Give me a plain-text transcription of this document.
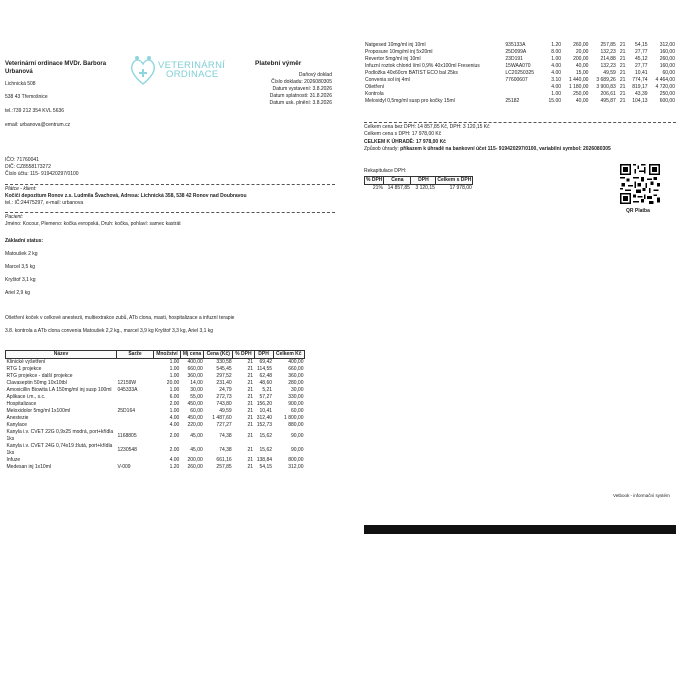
Veterinární ordinace MVDr. Barbora Urbanová
Lichnická 508
538 43 Třemošnice
tel.:739 212 354 KVL 5636
email: urbanova@centrum.cz
VETERINÁRNÍ
ORDINACE
Platební výměr
Daňový doklad
Číslo dokladu: 2026080305
Datum vystavení: 3.8.2026
Datum splatnosti: 31.8.2026
Datum usk. plnění: 3.8.2026
IČO: 71760041
DIČ: CZ8558173272
Číslo účtu: 115- 919420297/0100
Plátce - klient:
Kočičí depozitum Ronov z.s. Ludmila Švachová, Adresa: Lichnická 358, 538 42 Ronov nad Doubravou
tel.: IČ:24475297, e-mail: urbanova
Pacient:
Jméno: Kocour, Plemeno: kočka evropská, Druh: kočka, pohlaví: samec kastrát
Základní status:
Matoušek 2 kg
Marcel 3,5 kg
Kryštof 3,1 kg
Ariel 2,9 kg
Ošetření koček v celkové anestezii, multiextrakce zubů, ATb clona, masti, hospitalizace a infuzní terapie
3.8. kontrola a ATb clona convenia Matoušek 2,2 kg., marcel 3,9 kg Kryštof 3,3 kg, Ariel 3,1 kg
Název	Šarže	Množství	Mj cena	Cena (Kč)	% DPH	DPH	Celkem Kč
Klinické vyšetření		1.00	400,00	330,58	21	69,42	400,00
RTG 1 projekce		1.00	660,00	545,45	21	114,55	660,00
RTG projekce - další projekce		1.00	360,00	297,52	21	62,48	360,00
Clavaseptin 50mg 10x10tbl	12159W	20.00	14,00	231,40	21	48,60	280,00
Amoxicillin Biowita LA 150mg/ml inj susp 100ml	045333A	1.00	30,00	24,79	21	5,21	30,00
Aplikace i.m., s.c.		6.00	55,00	272,73	21	57,27	330,00
Hospitalizace		2.00	450,00	743,80	21	156,20	900,00
Meloxidolor 5mg/ml 1x100ml	25D164	1.00	60,00	49,59	21	10,41	60,00
Anestezie		4.00	450,00	1 487,60	21	312,40	1 800,00
Kanylace		4.00	220,00	727,27	21	152,73	880,00
Kanyla i.v. CVET 22G 0,9x25 modrá, port+křídla 1ks	1168805	2.00	45,00	74,38	21	15,62	90,00
Kanyla i.v. CVET 24G 0,74x19 žlutá, port+křídla 1ks	1230548	2.00	45,00	74,38	21	15,62	90,00
Infuze		4.00	200,00	661,16	21	138,84	800,00
Medesan inj 1x10ml	V-009	1.20	260,00	257,85	21	54,15	312,00
Natgesed 10mg/ml inj 10ml	935133A	1.20	260,00	257,85	21	54,15	312,00
Proposure 10mg/ml inj 5x20ml	25D099A	8.00	20,00	132,23	21	27,77	160,00
Revertor 5mg/ml inj 10ml	23D191	1.00	200,00	214,88	21	45,12	260,00
Infuzní roztok chlorid í/ml 0,9% 40x100ml Fresenius	15WAA070	4.00	40,00	132,23	21	27,77	160,00
Podložka 40x60cm BATIST ECO bal 25ks	LC20250325	4.00	15,00	49,59	21	10,41	60,00
Convenia sol inj 4ml	77600607	3.10	1 440,00	3 689,26	21	774,74	4 464,00
Ošetření		4.00	1 180,00	3 900,83	21	819,17	4 720,00
Kontrola		1.00	250,00	206,61	21	43,39	250,00
Meloxidyl 0,5mg/ml susp pro kočky 15ml	25182	15.00	40,00	495,87	21	104,13	600,00
Celkem cena bez DPH: 14 857,85 Kč, DPH: 3 120,15 Kč
Celkem cena s DPH: 17 978,00 Kč
CELKEM K ÚHRADĚ: 17 978,00 Kč
Způsob úhrady: příkazem k úhradě na bankovní účet 115- 919420297/0100, variabilní symbol: 2026080305
Rekapitulace DPH:
% DPH	Cena	DPH	Celkem s DPH
21%	14 857,85	3 120,15	17 978,00
QR Platba
Vetbook - informační systém
